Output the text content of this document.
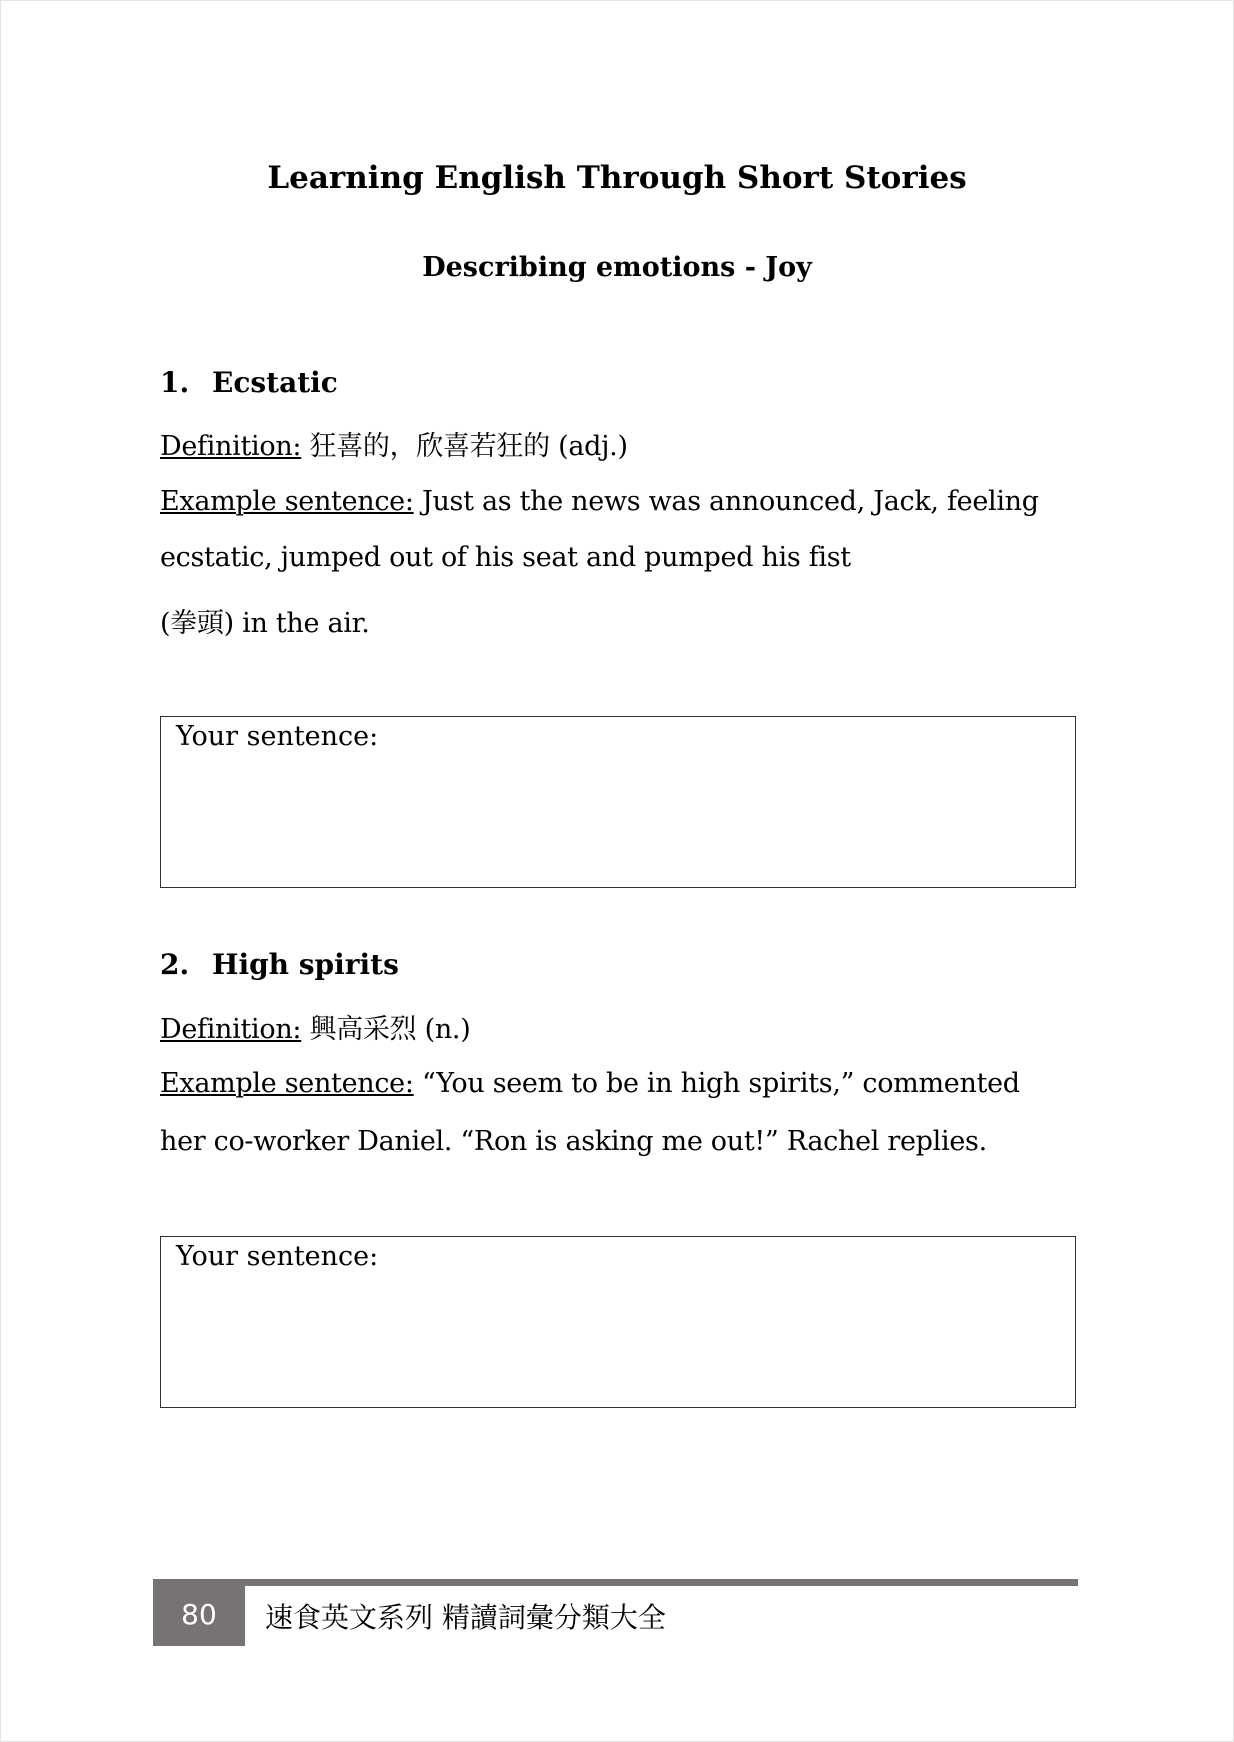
Learning English Through Short Stories
Describing emotions - Joy
1. Ecstatic
Definition: 狂喜的，欣喜若狂的 (adj.)
Example sentence: Just as the news was announced, Jack, feeling
ecstatic, jumped out of his seat and pumped his fist
(拳頭) in the air.
Your sentence:
2. High spirits
Definition: 興高采烈 (n.)
Example sentence: “You seem to be in high spirits,” commented
her co-worker Daniel. “Ron is asking me out!” Rachel replies.
Your sentence:
80	速食英文系列 精讀詞彙分類大全
